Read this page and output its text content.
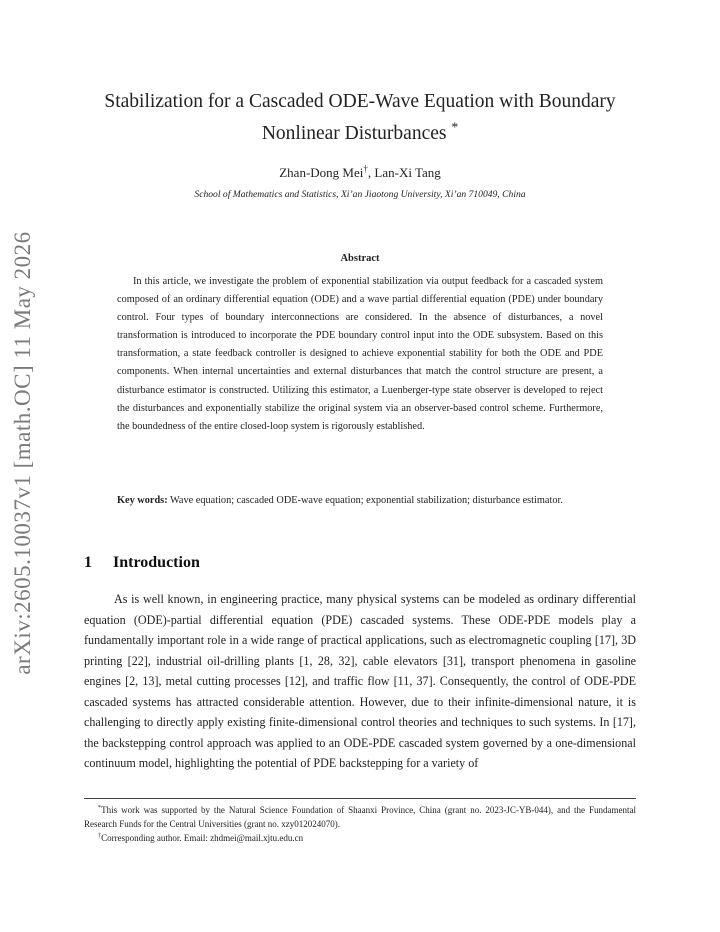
arXiv:2605.10037v1 [math.OC] 11 May 2026
Stabilization for a Cascaded ODE-Wave Equation with Boundary
Nonlinear Disturbances *
Zhan-Dong Mei†, Lan-Xi Tang
School of Mathematics and Statistics, Xi’an Jiaotong University, Xi’an 710049, China
Abstract

In this article, we investigate the problem of exponential stabilization via output feedback for a cascaded system composed of an ordinary differential equation (ODE) and a wave partial differential equation (PDE) under boundary control. Four types of boundary interconnections are considered. In the absence of disturbances, a novel transformation is introduced to incorporate the PDE boundary control input into the ODE subsystem. Based on this transformation, a state feedback controller is designed to achieve exponential stability for both the ODE and PDE components. When internal uncertainties and external disturbances that match the control structure are present, a disturbance estimator is constructed. Utilizing this estimator, a Luenberger-type state observer is developed to reject the disturbances and exponentially stabilize the original system via an observer-based control scheme. Furthermore, the boundedness of the entire closed-loop system is rigorously established.

Key words: Wave equation; cascaded ODE-wave equation; exponential stabilization; disturbance estimator.
1 Introduction

As is well known, in engineering practice, many physical systems can be modeled as ordinary differential equation (ODE)-partial differential equation (PDE) cascaded systems. These ODE-PDE models play a fundamentally important role in a wide range of practical applications, such as electromagnetic coupling [17], 3D printing [22], industrial oil-drilling plants [1, 28, 32], cable elevators [31], transport phenomena in gasoline engines [2, 13], metal cutting processes [12], and traffic flow [11, 37]. Consequently, the control of ODE-PDE cascaded systems has attracted considerable attention. However, due to their infinite-dimensional nature, it is challenging to directly apply existing finite-dimensional control theories and techniques to such systems. In [17], the backstepping control approach was applied to an ODE-PDE cascaded system governed by a one-dimensional continuum model, highlighting the potential of PDE backstepping for a variety of

*This work was supported by the Natural Science Foundation of Shaanxi Province, China (grant no. 2023-JC-YB-044), and the Fundamental Research Funds for the Central Universities (grant no. xzy012024070).

†Corresponding author. Email: zhdmei@mail.xjtu.edu.cn
